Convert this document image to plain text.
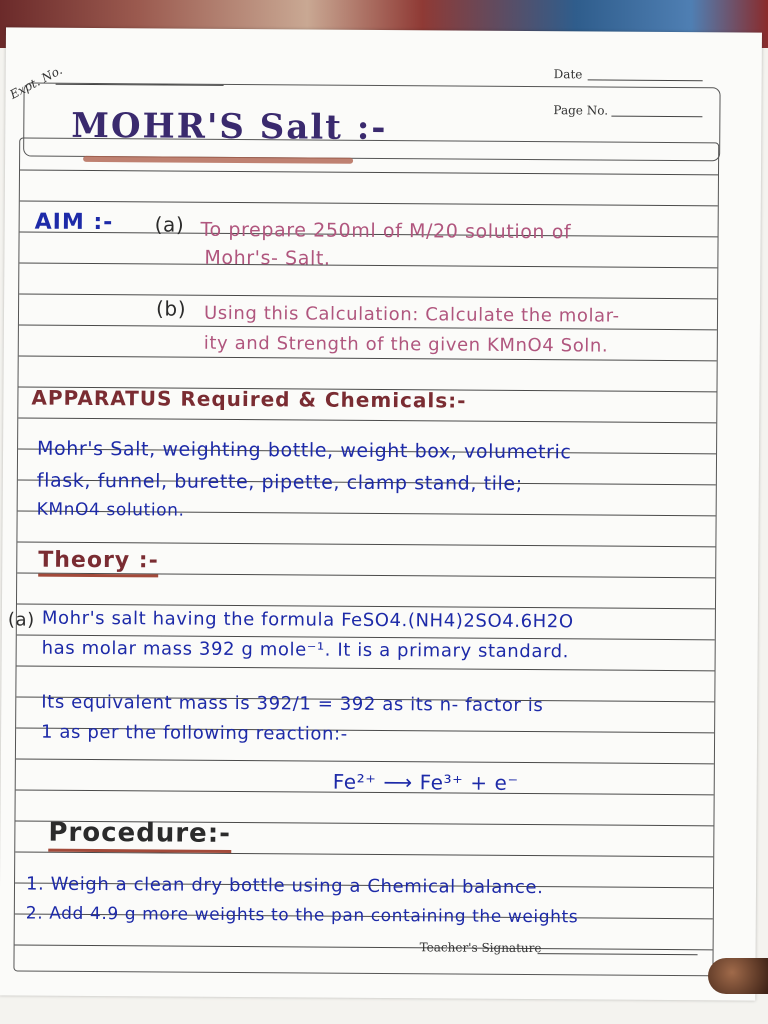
Expt. No.	Date
Page No.
MOHR'S Salt :-
AIM :- (a) To prepare 250ml of M/20 solution of
Mohr's- Salt.
(b) Using this Calculation: Calculate the molar-
ity and Strength of the given KMnO4 Soln.
APPARATUS Required & Chemicals:-
Mohr's Salt, weighting bottle, weight box, volumetric
flask, funnel, burette, pipette, clamp stand, tile;
KMnO4 solution.
Theory :-
(a) Mohr's salt having the formula FeSO4.(NH4)2SO4.6H2O
has molar mass 392 g mole⁻¹. It is a primary standard.
Its equivalent mass is 392/1 = 392 as its n- factor is
1 as per the following reaction:-
Fe²⁺ ⟶ Fe³⁺ + e⁻
Procedure:-
1. Weigh a clean dry bottle using a Chemical balance.
2. Add 4.9 g more weights to the pan containing the weights
Teacher's Signature
